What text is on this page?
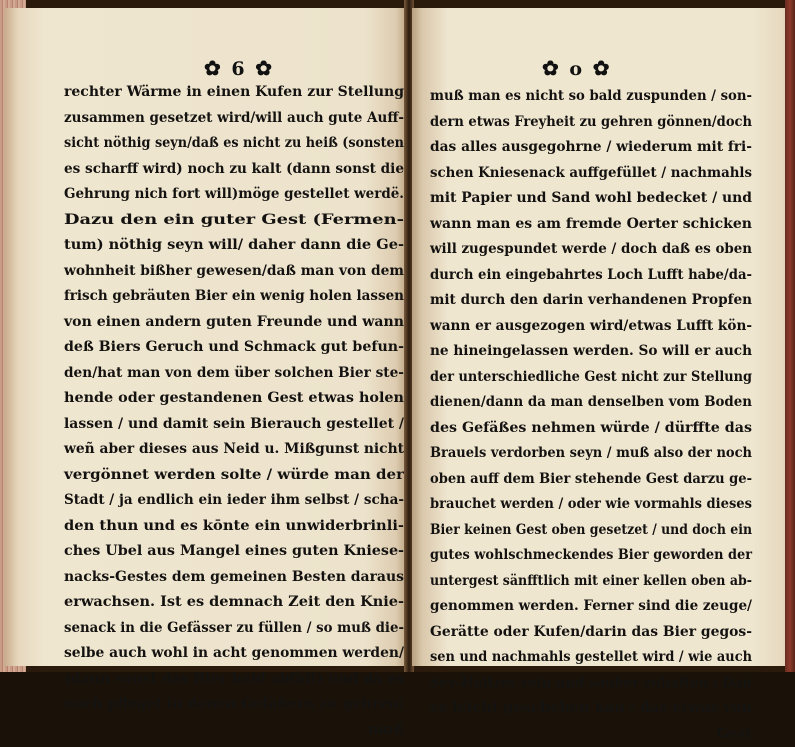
✿ 6 ✿
rechter Wärme in einen Kufen zur Stellung
zusammen gesetzet wird/will auch gute Auff-
sicht nöthig seyn/daß es nicht zu heiß (sonsten
es scharff wird) noch zu kalt (dann sonst die
Gehrung nich fort will)möge gestellet werdë.
Dazu den ein guter Gest (Fermen-
tum) nöthig seyn will/ daher dann die Ge-
wohnheit bißher gewesen/daß man von dem
frisch gebräuten Bier ein wenig holen lassen
von einen andern guten Freunde und wann
deß Biers Geruch und Schmack gut befun-
den/hat man von dem über solchen Bier ste-
hende oder gestandenen Gest etwas holen
lassen / und damit sein Bierauch gestellet /
weñ aber dieses aus Neid u. Mißgunst nicht
vergönnet werden solte / würde man der
Stadt / ja endlich ein ieder ihm selbst / scha-
den thun und es kōnte ein unwiderbrinli-
ches Ubel aus Mangel eines guten Kniese-
nacks-Gestes dem gemeinen Besten daraus
erwachsen. Ist es demnach Zeit den Knie-
senack in die Gefässer zu füllen / so muß die-
selbe auch wohl in acht genommen werden/
(dann sonst das Bier bald abfält) und da es
noch pfleget in denen Gefäßern zu gehren/
muß
✿ o ✿
muß man es nicht so bald zuspunden / son-
dern etwas Freyheit zu gehren gönnen/doch
das alles ausgegohrne / wiederum mit fri-
schen Kniesenack auffgefüllet / nachmahls
mit Papier und Sand wohl bedecket / und
wann man es am fremde Oerter schicken
will zugespundet werde / doch daß es oben
durch ein eingebahrtes Loch Lufft habe/da-
mit durch den darin verhandenen Propfen
wann er ausgezogen wird/etwas Lufft kön-
ne hineingelassen werden. So will er auch
der unterschiedliche Gest nicht zur Stellung
dienen/dann da man denselben vom Boden
des Gefäßes nehmen würde / dürffte das
Brauels verdorben seyn / muß also der noch
oben auff dem Bier stehende Gest darzu ge-
brauchet werden / oder wie vormahls dieses
Bier keinen Gest oben gesetzet / und doch ein
gutes wohlschmeckendes Bier geworden der
untergest sänfftlich mit einer kellen oben ab-
genommen werden. Ferner sind die zeuge/
Gerätte oder Kufen/darin das Bier gegos-
sen und nachmahls gestellet wird / wie auch
Sey-Höltzer rein und sauber zuhalten / Dañ
es leicht geschehen kan / das etwas von
Gest
